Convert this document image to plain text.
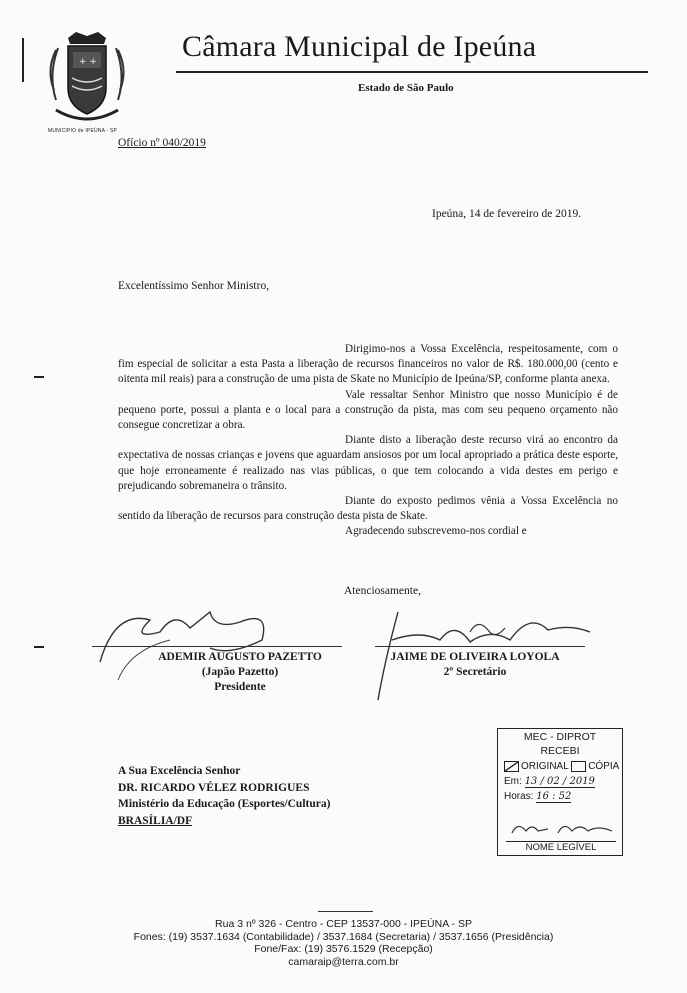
+ +
MUNICIPIO de IPEÚNA - SP
Câmara Municipal de Ipeúna
Estado de São Paulo
Ofício nº 040/2019
Ipeúna, 14 de fevereiro de 2019.
Excelentíssimo Senhor Ministro,

Dirigimo-nos a Vossa Excelência, respeitosamente, com o fim especial de solicitar a esta Pasta a liberação de recursos financeiros no valor de R$. 180.000,00 (cento e oitenta mil reais) para a construção de uma pista de Skate no Município de Ipeúna/SP, conforme planta anexa.

Vale ressaltar Senhor Ministro que nosso Município é de pequeno porte, possui a planta e o local para a construção da pista, mas com seu pequeno orçamento não consegue concretizar a obra.

Diante disto a liberação deste recurso virá ao encontro da expectativa de nossas crianças e jovens que aguardam ansiosos por um local apropriado a prática deste esporte, que hoje erroneamente é realizado nas vias públicas, o que tem colocando a vida destes em perigo e prejudicando sobremaneira o trânsito.

Diante do exposto pedimos vênia a Vossa Excelência no sentido da liberação de recursos para construção desta pista de Skate.

Agradecendo subscrevemo-nos cordial e

Atenciosamente,
ADEMIR AUGUSTO PAZETTO
(Japão Pazetto)
Presidente
JAIME DE OLIVEIRA LOYOLA
2º Secretário
A Sua Excelência Senhor
DR. RICARDO VÉLEZ RODRIGUES
Ministério da Educação (Esportes/Cultura)
BRASÍLIA/DF
MEC - DIPROT
RECEBI
ORIGINAL CÓPIA
Em: 13 / 02 / 2019
Horas: 16 : 52
NOME LEGÍVEL
Rua 3 nº 326 - Centro - CEP 13537-000 - IPEÚNA - SP
Fones: (19) 3537.1634 (Contabilidade) / 3537.1684 (Secretaria) / 3537.1656 (Presidência)
Fone/Fax: (19) 3576.1529 (Recepção)
camaraip@terra.com.br
